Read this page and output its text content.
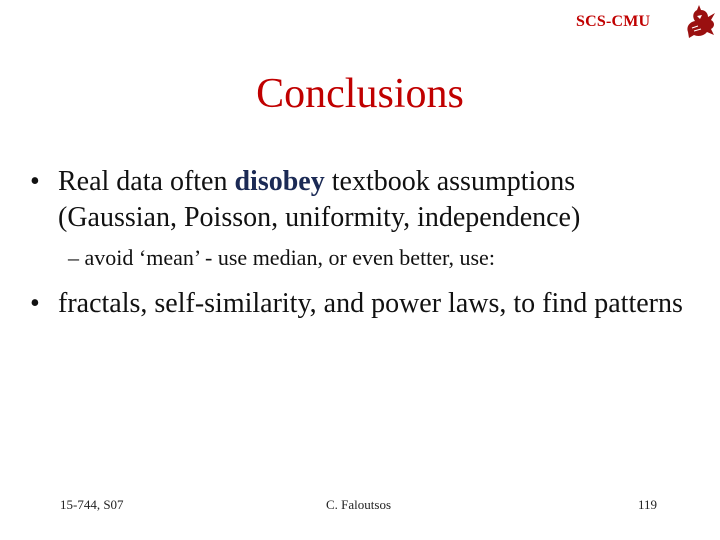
SCS-CMU
Conclusions
• Real data often disobey textbook assumptions (Gaussian, Poisson, uniformity, independence)
– avoid ‘mean’ - use median, or even better, use:
• fractals, self-similarity, and power laws, to find patterns
15-744, S07	C. Faloutsos	119
